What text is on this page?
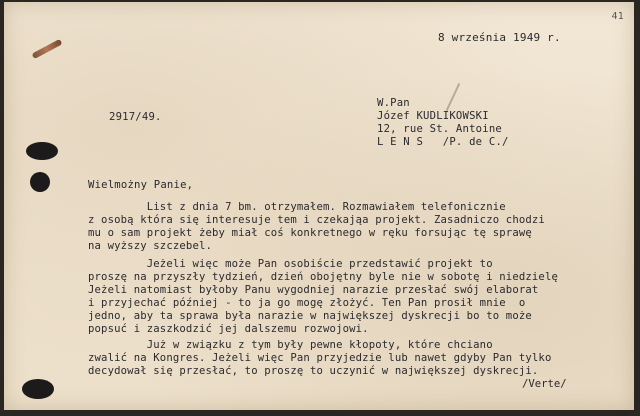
41
8 września 1949 r.
2917/49.
W.Pan
Józef KUDLIKOWSKI
12, rue St. Antoine
L E N S   /P. de C./
Wielmożny Panie,
List z dnia 7 bm. otrzymałem. Rozmawiałem telefonicznie
z osobą która się interesuje tem i czekająa projekt. Zasadniczo chodzi
mu o sam projekt żeby miał coś konkretnego w ręku forsując tę sprawę
na wyższy szczebel.
Jeżeli więc może Pan osobiście przedstawić projekt to
proszę na przyszły tydzień, dzień obojętny byle nie w sobotę i niedzielę
Jeżeli natomiast byłoby Panu wygodniej narazie przesłać swój elaborat
i przyjechać później - to ja go mogę złożyć. Ten Pan prosił mnie  o
jedno, aby ta sprawa była narazie w największej dyskrecji bo to może
popsuć i zaszkodzić jej dalszemu rozwojowi.
Już w związku z tym były pewne kłopoty, które chciano
zwalić na Kongres. Jeżeli więc Pan przyjedzie lub nawet gdyby Pan tylko
decydował się przesłać, to proszę to uczynić w największej dyskrecji.
/Verte/
